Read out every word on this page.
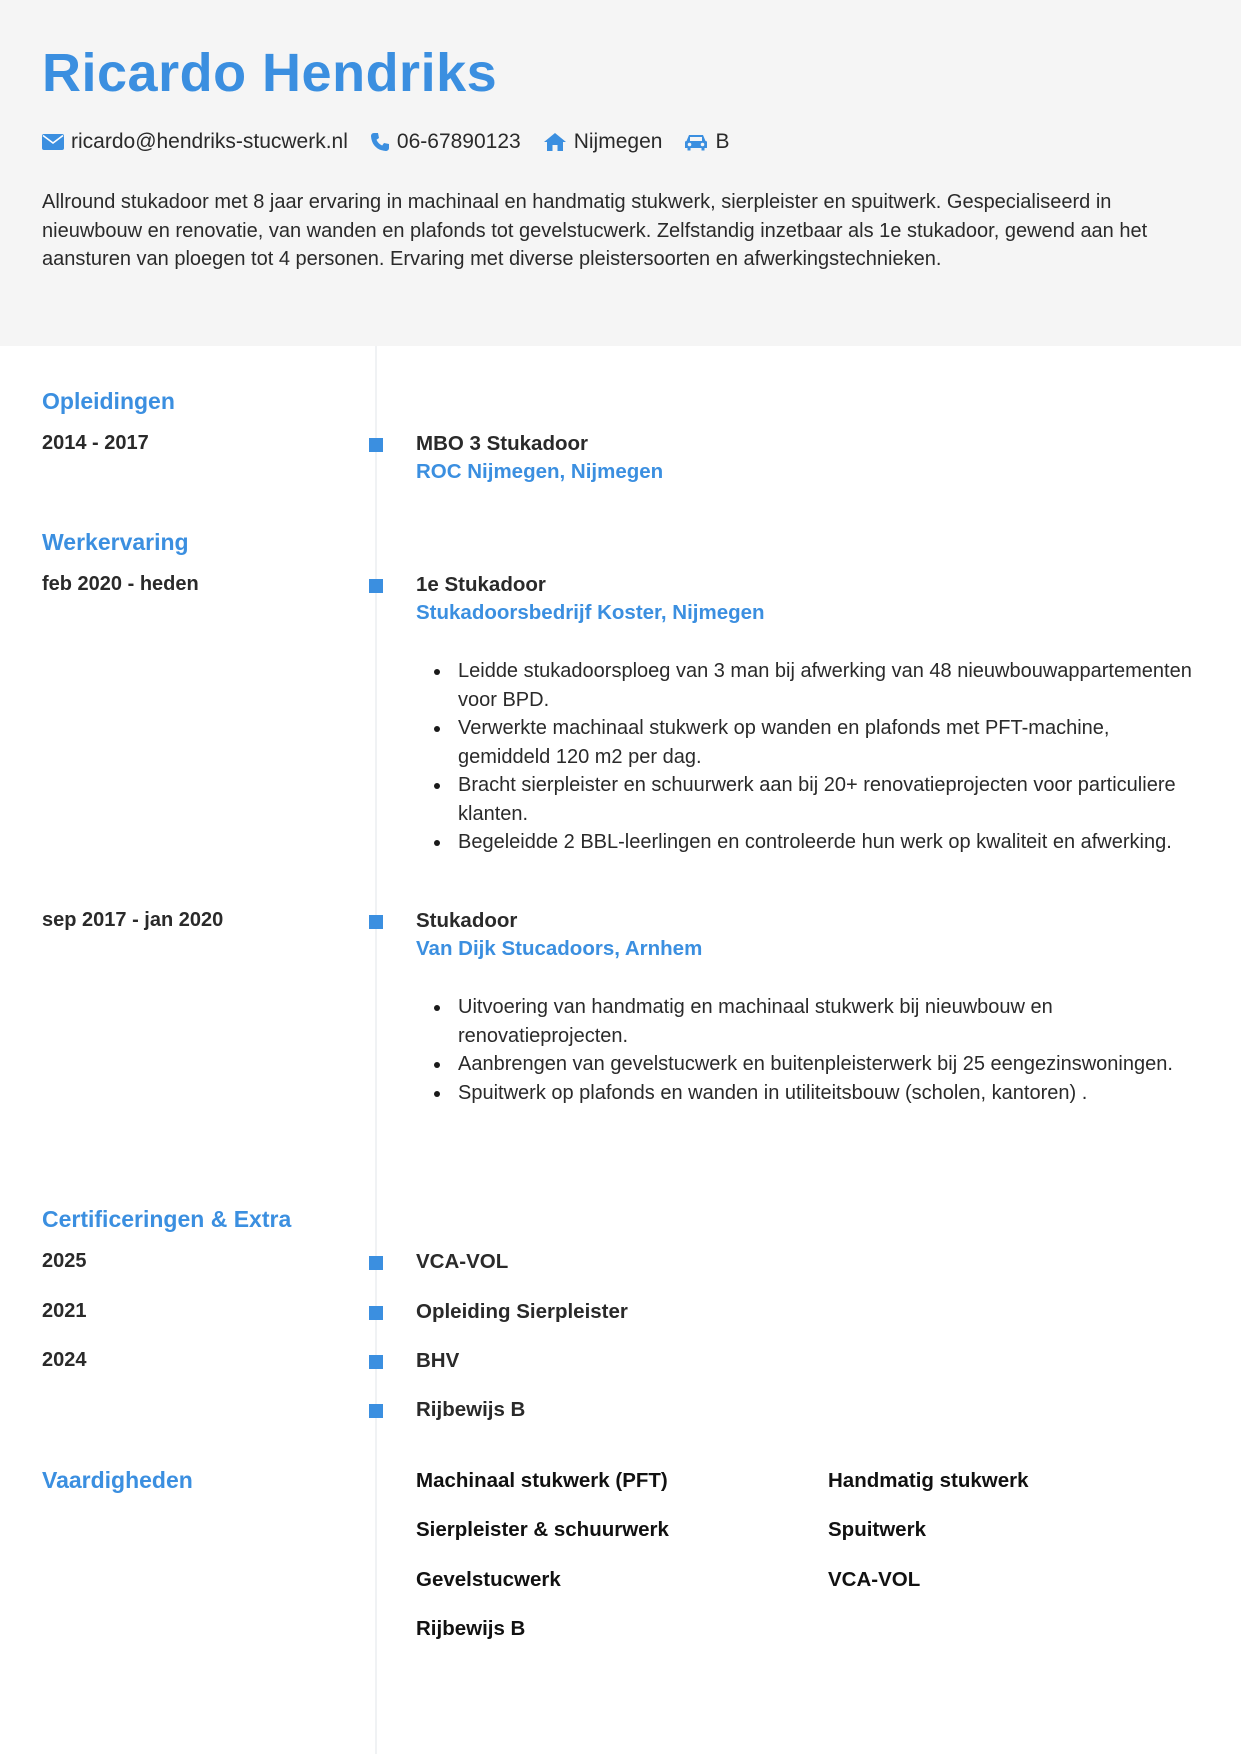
Ricardo Hendriks
ricardo@hendriks-stucwerk.nl 06-67890123	Nijmegen	B

Allround stukadoor met 8 jaar ervaring in machinaal en handmatig stukwerk, sierpleister en spuitwerk. Gespecialiseerd in nieuwbouw en renovatie, van wanden en plafonds tot gevelstucwerk. Zelfstandig inzetbaar als 1e stukadoor, gewend aan het aansturen van ploegen tot 4 personen. Ervaring met diverse pleistersoorten en afwerkingstechnieken.

Opleidingen
2014 - 2017	MBO 3 Stukadoor
ROC Nijmegen, Nijmegen
Werkervaring
feb 2020 - heden	1e Stukadoor
Stukadoorsbedrijf Koster, Nijmegen
Leidde stukadoorsploeg van 3 man bij afwerking van 48 nieuwbouwappartementen voor BPD.
Verwerkte machinaal stukwerk op wanden en plafonds met PFT-machine, gemiddeld 120 m2 per dag.
Bracht sierpleister en schuurwerk aan bij 20+ renovatieprojecten voor particuliere klanten.
Begeleidde 2 BBL-leerlingen en controleerde hun werk op kwaliteit en afwerking.
sep 2017 - jan 2020	Stukadoor
Van Dijk Stucadoors, Arnhem
Uitvoering van handmatig en machinaal stukwerk bij nieuwbouw en renovatieprojecten.
Aanbrengen van gevelstucwerk en buitenpleisterwerk bij 25 eengezinswoningen.
Spuitwerk op plafonds en wanden in utiliteitsbouw (scholen, kantoren) .
Certificeringen & Extra
2025	VCA-VOL
2021	Opleiding Sierpleister
2024	BHV
Rijbewijs B
Vaardigheden	Machinaal stukwerk (PFT)	Handmatig stukwerk
Sierpleister & schuurwerk	Spuitwerk
Gevelstucwerk	VCA-VOL
Rijbewijs B
